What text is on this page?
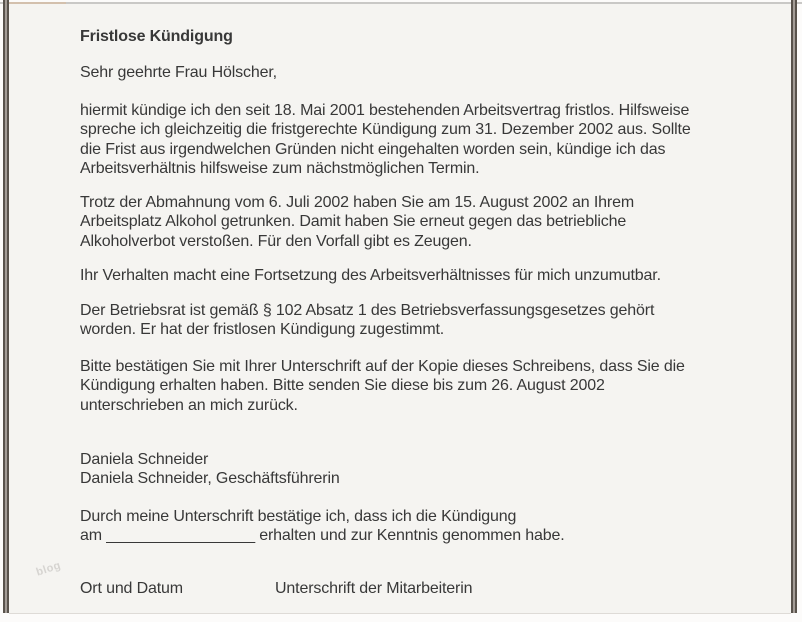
Fristlose Kündigung
Sehr geehrte Frau Hölscher,
hiermit kündige ich den seit 18. Mai 2001 bestehenden Arbeitsvertrag fristlos. Hilfsweise
spreche ich gleichzeitig die fristgerechte Kündigung zum 31. Dezember 2002 aus. Sollte
die Frist aus irgendwelchen Gründen nicht eingehalten worden sein, kündige ich das
Arbeitsverhältnis hilfsweise zum nächstmöglichen Termin.
Trotz der Abmahnung vom 6. Juli 2002 haben Sie am 15. August 2002 an Ihrem
Arbeitsplatz Alkohol getrunken. Damit haben Sie erneut gegen das betriebliche
Alkoholverbot verstoßen. Für den Vorfall gibt es Zeugen.
Ihr Verhalten macht eine Fortsetzung des Arbeitsverhältnisses für mich unzumutbar.
Der Betriebsrat ist gemäß § 102 Absatz 1 des Betriebsverfassungsgesetzes gehört
worden. Er hat der fristlosen Kündigung zugestimmt.
Bitte bestätigen Sie mit Ihrer Unterschrift auf der Kopie dieses Schreibens, dass Sie die
Kündigung erhalten haben. Bitte senden Sie diese bis zum 26. August 2002
unterschrieben an mich zurück.
Daniela Schneider
Daniela Schneider, Geschäftsführerin
Durch meine Unterschrift bestätige ich, dass ich die Kündigung
am _________________ erhalten und zur Kenntnis genommen habe.
Ort und Datum	Unterschrift der Mitarbeiterin
blog
